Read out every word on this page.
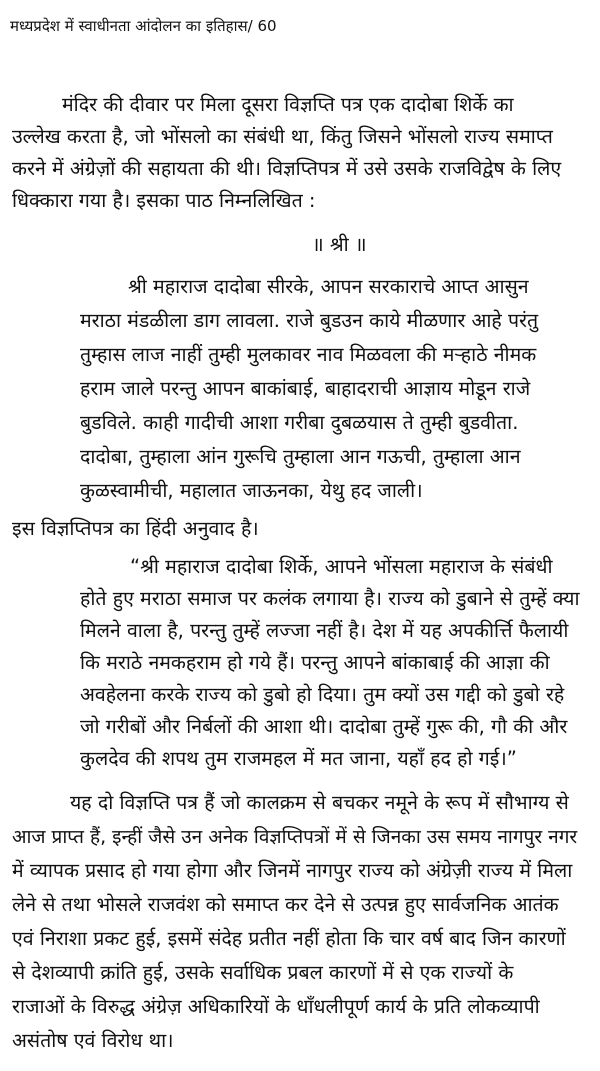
मध्यप्रदेश में स्वाधीनता आंदोलन का इतिहास/ 60
मंदिर की दीवार पर मिला दूसरा विज्ञप्ति पत्र एक दादोबा शिर्के का
उल्लेख करता है, जो भोंसलो का संबंधी था, किंतु जिसने भोंसलो राज्य समाप्त
करने में अंग्रेज़ों की सहायता की थी। विज्ञप्तिपत्र में उसे उसके राजविद्वेष के लिए
धिक्कारा गया है। इसका पाठ निम्नलिखित :
॥ श्री ॥
श्री महाराज दादोबा सीरके, आपन सरकाराचे आप्त आसुन
मराठा मंडळीला डाग लावला. राजे बुडउन काये मीळणार आहे परंतु
तुम्हास लाज नाहीं तुम्ही मुलकावर नाव मिळवला की मऱ्हाठे नीमक
हराम जाले परन्तु आपन बाकांबाई, बाहादराची आज्ञाय मोडून राजे
बुडविले. काही गादीची आशा गरीबा दुबळयास ते तुम्ही बुडवीता.
दादोबा, तुम्हाला आंन गुरूचि तुम्हाला आन गऊची, तुम्हाला आन
कुळस्वामीची, महालात जाऊनका, येथु हद जाली।
इस विज्ञप्तिपत्र का हिंदी अनुवाद है।
“श्री महाराज दादोबा शिर्के, आपने भोंसला महाराज के संबंधी
होते हुए मराठा समाज पर कलंक लगाया है। राज्य को डुबाने से तुम्हें क्या
मिलने वाला है, परन्तु तुम्हें लज्जा नहीं है। देश में यह अपकीर्त्ति फैलायी
कि मराठे नमकहराम हो गये हैं। परन्तु आपने बांकाबाई की आज्ञा की
अवहेलना करके राज्य को डुबो हो दिया। तुम क्यों उस गद्दी को डुबो रहे
जो गरीबों और निर्बलों की आशा थी। दादोबा तुम्हें गुरू की, गौ की और
कुलदेव की शपथ तुम राजमहल में मत जाना, यहाँ हद हो गई।”
यह दो विज्ञप्ति पत्र हैं जो कालक्रम से बचकर नमूने के रूप में सौभाग्य से
आज प्राप्त हैं, इन्हीं जैसे उन अनेक विज्ञप्तिपत्रों में से जिनका उस समय नागपुर नगर
में व्यापक प्रसाद हो गया होगा और जिनमें नागपुर राज्य को अंग्रेज़ी राज्य में मिला
लेने से तथा भोसले राजवंश को समाप्त कर देने से उत्पन्न हुए सार्वजनिक आतंक
एवं निराशा प्रकट हुई, इसमें संदेह प्रतीत नहीं होता कि चार वर्ष बाद जिन कारणों
से देशव्यापी क्रांति हुई, उसके सर्वाधिक प्रबल कारणों में से एक राज्यों के
राजाओं के विरुद्ध अंग्रेज़ अधिकारियों के धाँधलीपूर्ण कार्य के प्रति लोकव्यापी
असंतोष एवं विरोध था।
